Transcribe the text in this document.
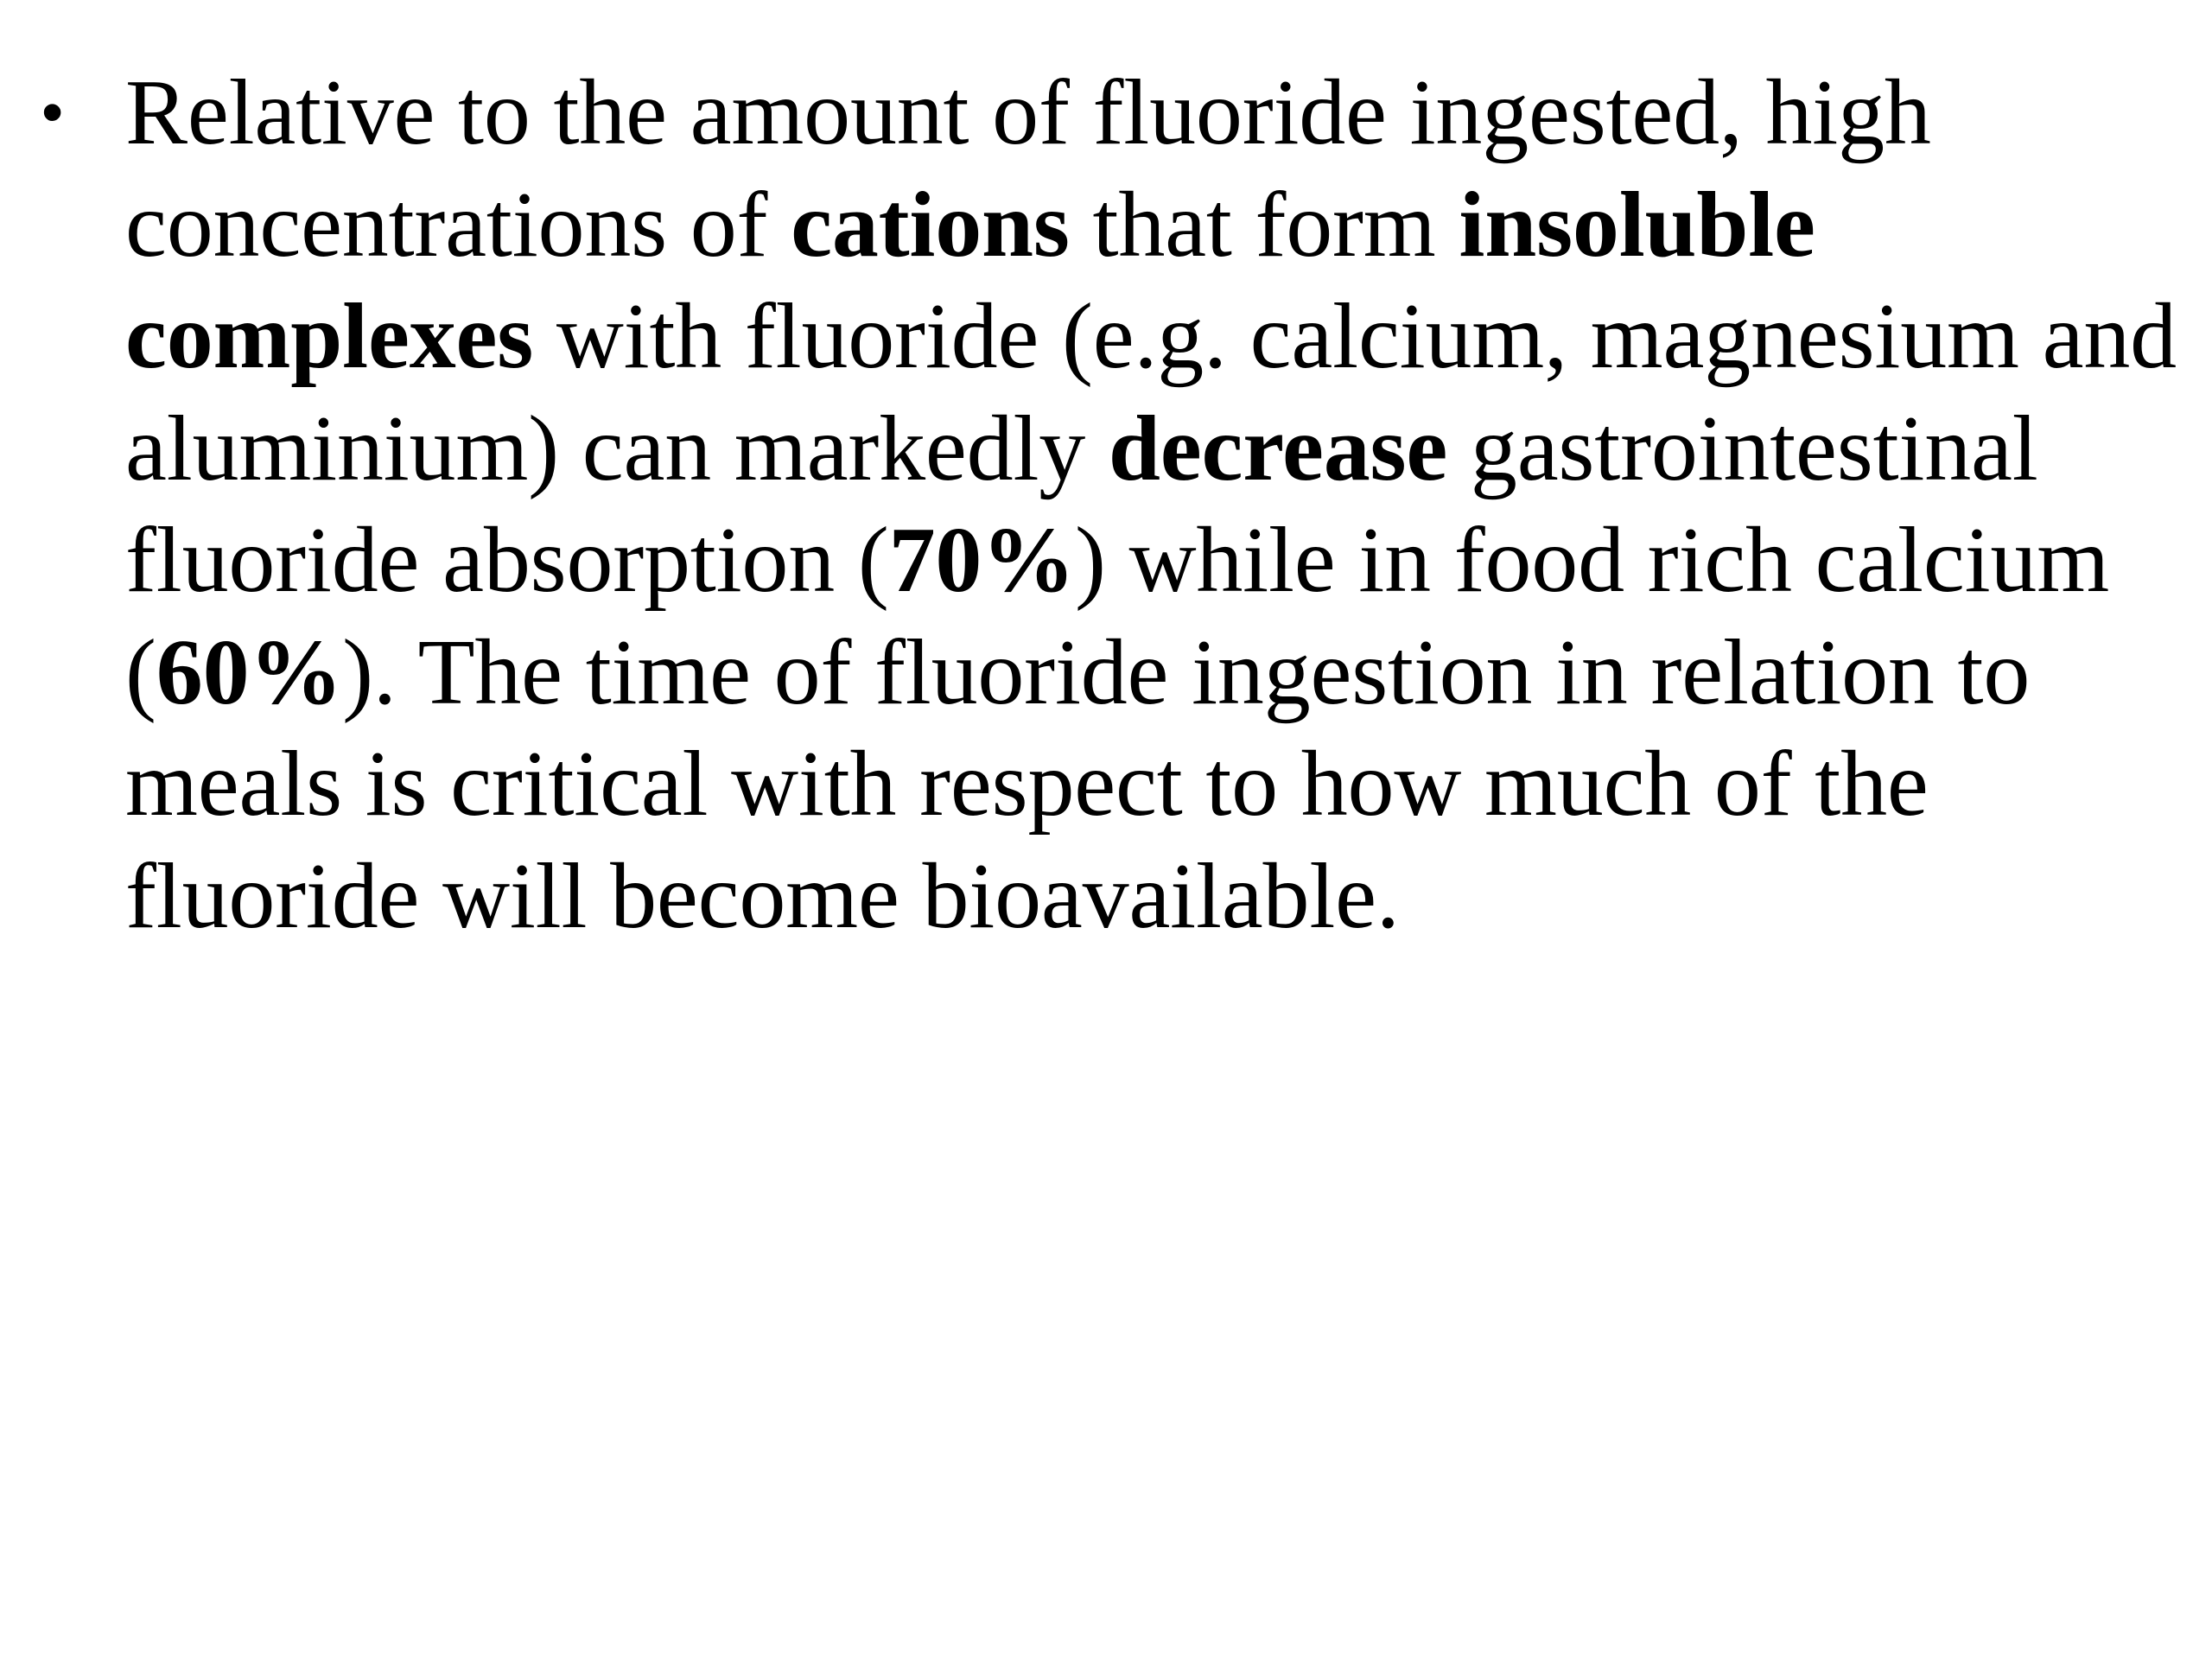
• Relative to the amount of fluoride ingested, high
concentrations of cations that form insoluble
complexes with fluoride (e.g. calcium, magnesium and
aluminium) can markedly decrease gastrointestinal
fluoride absorption (70%) while in food rich calcium
(60%). The time of fluoride ingestion in relation to
meals is critical with respect to how much of the
fluoride will become bioavailable.
